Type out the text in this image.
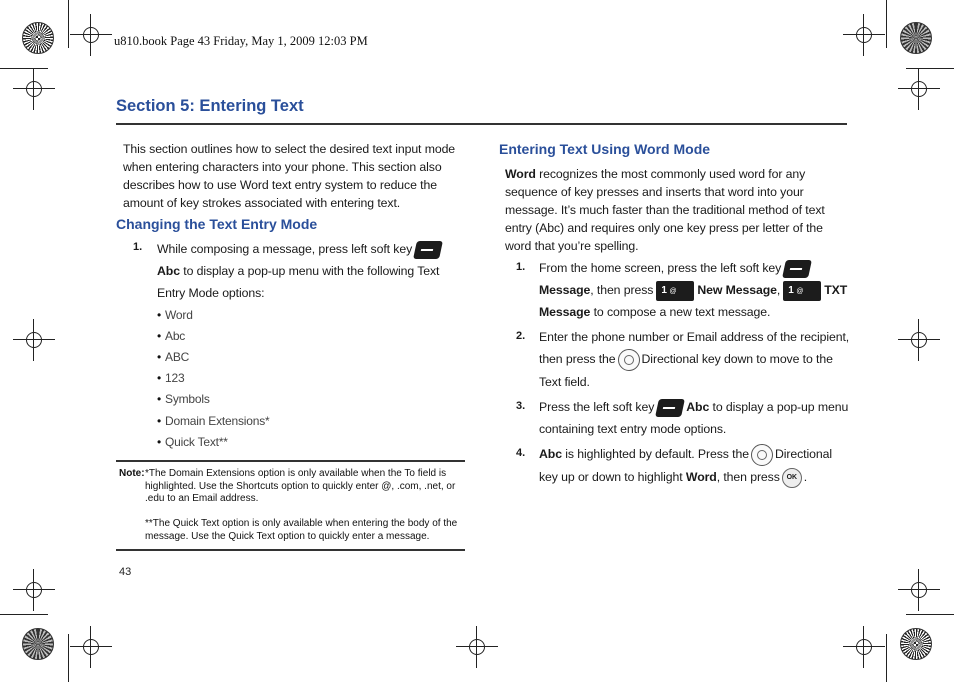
u810.book Page 43 Friday, May 1, 2009 12:03 PM
Section 5: Entering Text
This section outlines how to select the desired text input mode when entering characters into your phone. This section also describes how to use Word text entry system to reduce the amount of key strokes associated with entering text.
Changing the Text Entry Mode
1. While composing a message, press left soft keyAbc to display a pop-up menu with the following Text Entry Mode options:
• Word
• Abc
• ABC
• 123
• Symbols
• Domain Extensions*
• Quick Text**
Note: *The Domain Extensions option is only available when the To field is highlighted. Use the Shortcuts option to quickly enter @, .com, .net, or .edu to an Email address.
**The Quick Text option is only available when entering the body of the message. Use the Quick Text option to quickly enter a message.
Entering Text Using Word Mode
Word recognizes the most commonly used word for any sequence of key presses and inserts that word into your message. It’s much faster than the traditional method of text entry (Abc) and requires only one key press per letter of the word that you’re spelling.
1. From the home screen, press the left soft key Message, then press 1 @ New Message, 1 @ TXT Message to compose a new text message.
2. Enter the phone number or Email address of the recipient, then press the Directional key down to move to the Text field.
3. Press the left soft key	Abc to display a pop-up menu containing text entry mode options.
4. Abc is highlighted by default. Press the Directional key up or down to highlight Word, then press OK .
43
